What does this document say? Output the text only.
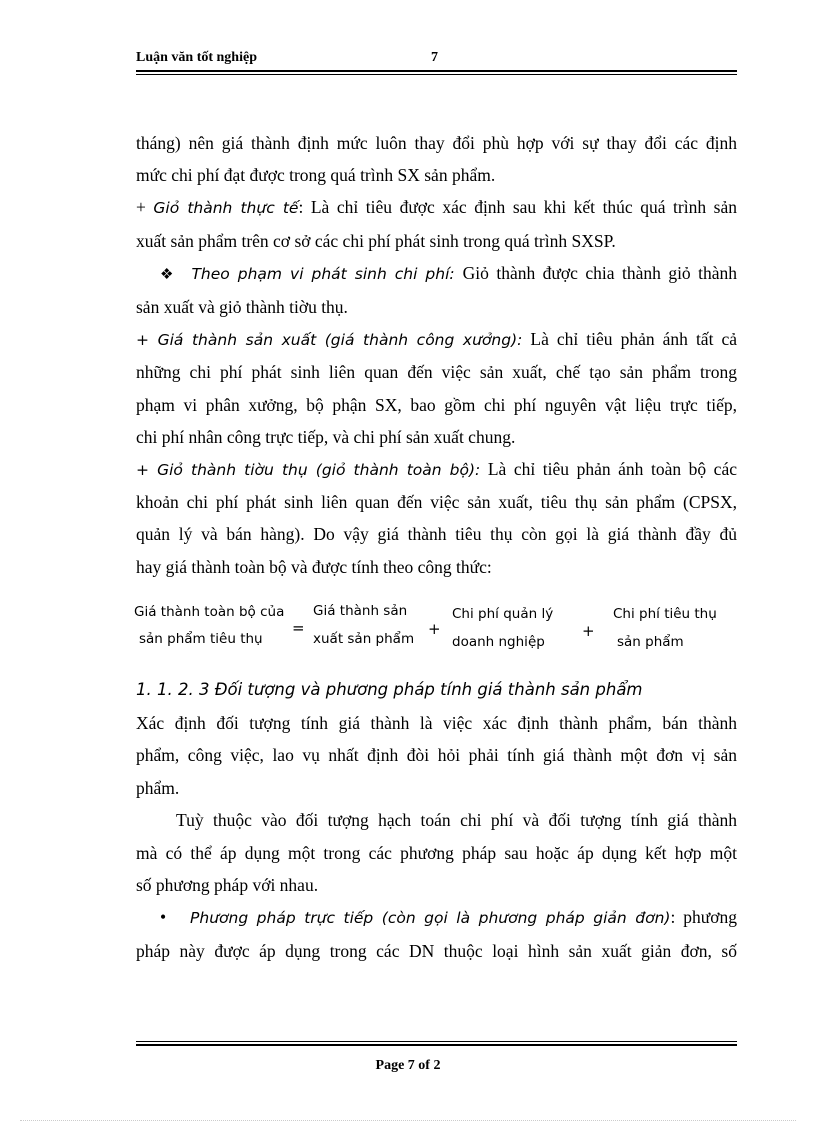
Luận văn tốt nghiệp	7

tháng) nên giá thành định mức luôn thay đổi phù hợp với sự thay đổi các định

mức chi phí đạt được trong quá trình SX sản phẩm.

+ Giỏ thành thực tế: Là chỉ tiêu được xác định sau khi kết thúc quá trình sản

xuất sản phẩm trên cơ sở các chi phí phát sinh trong quá trình SXSP.

❖ Theo phạm vi phát sinh chi phí: Giỏ thành được chia thành giỏ thành

sản xuất và giỏ thành tiờu thụ.

+ Giá thành sản xuất (giá thành công xưởng): Là chỉ tiêu phản ánh tất cả

những chi phí phát sinh liên quan đến việc sản xuất, chế tạo sản phẩm trong

phạm vi phân xưởng, bộ phận SX, bao gồm chi phí nguyên vật liệu trực tiếp,

chi phí nhân công trực tiếp, và chi phí sản xuất chung.

+ Giỏ thành tiờu thụ (giỏ thành toàn bộ): Là chỉ tiêu phản ánh toàn bộ các

khoản chi phí phát sinh liên quan đến việc sản xuất, tiêu thụ sản phẩm (CPSX,

quản lý và bán hàng). Do vậy giá thành tiêu thụ còn gọi là giá thành đầy đủ

hay giá thành toàn bộ và được tính theo công thức:

Giá thành toàn bộ của
sản phẩm tiêu thụ
=
Giá thành sản
xuất sản phẩm
+
Chi phí quản lý
doanh nghiệp
+
Chi phí tiêu thụ
sản phẩm
1. 1. 2. 3 Đối tượng và phương pháp tính giá thành sản phẩm

Xác định đối tượng tính giá thành là việc xác định thành phẩm, bán thành

phẩm, công việc, lao vụ nhất định đòi hỏi phải tính giá thành một đơn vị sản

phẩm.

Tuỳ thuộc vào đối tượng hạch toán chi phí và đối tượng tính giá thành

mà có thể áp dụng một trong các phương pháp sau hoặc áp dụng kết hợp một

số phương pháp với nhau.

• Phương pháp trực tiếp (còn gọi là phương pháp giản đơn): phương

pháp này được áp dụng trong các DN thuộc loại hình sản xuất giản đơn, số

Page 7 of 2
